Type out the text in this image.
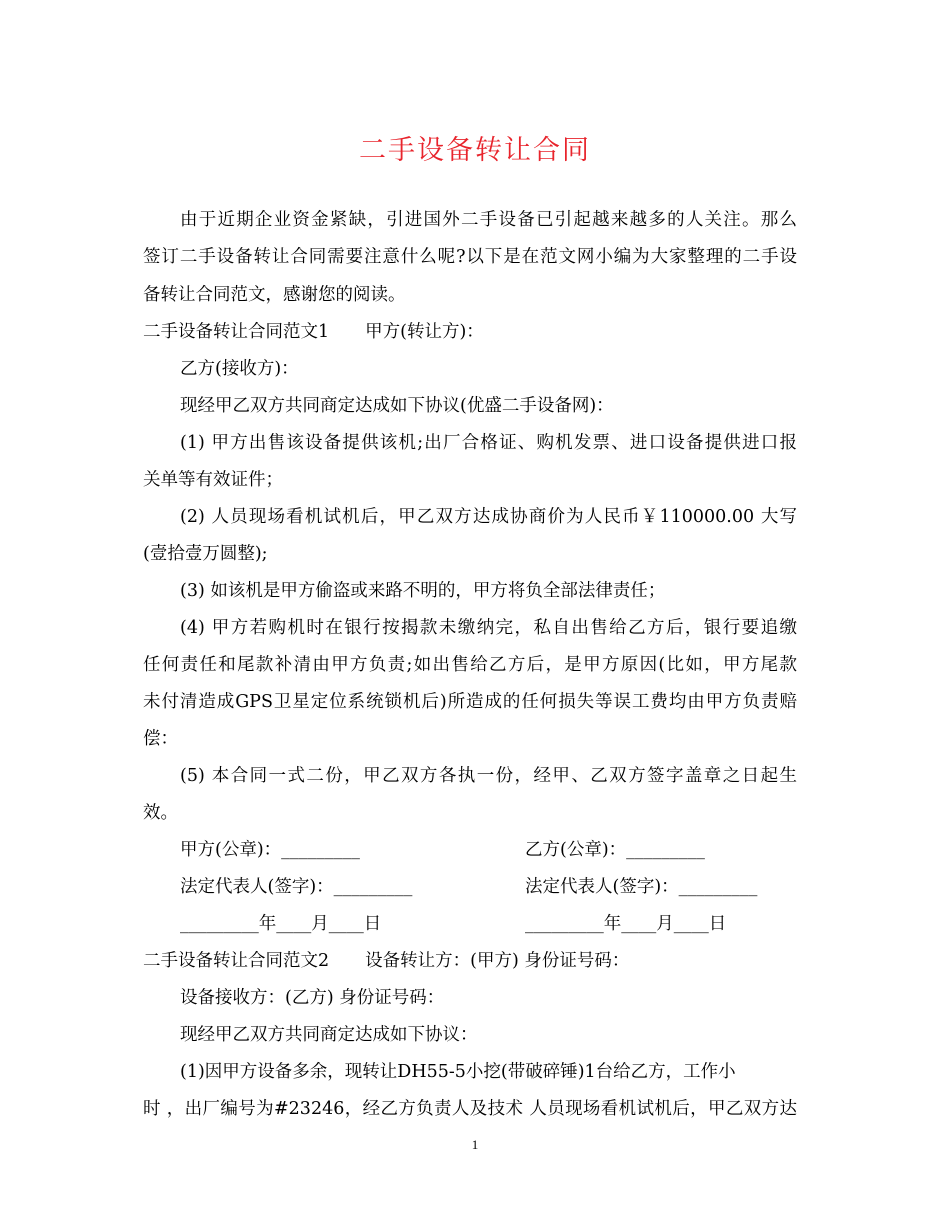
二手设备转让合同
由于近期企业资金紧缺，引进国外二手设备已引起越来越多的人关注。那么
签订二手设备转让合同需要注意什么呢?以下是在范文网小编为大家整理的二手设
备转让合同范文，感谢您的阅读。
二手设备转让合同范文1 甲方(转让方)：
乙方(接收方)：
现经甲乙双方共同商定达成如下协议(优盛二手设备网)：
(1) 甲方出售该设备提供该机;出厂合格证、购机发票、进口设备提供进口报
关单等有效证件；
(2) 人员现场看机试机后，甲乙双方达成协商价为人民币￥110000.00 大写
(壹拾壹万圆整);
(3) 如该机是甲方偷盗或来路不明的，甲方将负全部法律责任；
(4) 甲方若购机时在银行按揭款未缴纳完，私自出售给乙方后，银行要追缴
任何责任和尾款补清由甲方负责;如出售给乙方后，是甲方原因(比如，甲方尾款
未付清造成GPS卫星定位系统锁机后)所造成的任何损失等误工费均由甲方负责赔
偿：
(5) 本合同一式二份，甲乙双方各执一份，经甲、乙双方签字盖章之日起生
效。
甲方(公章)：_________	乙方(公章)：_________
法定代表人(签字)：_________	法定代表人(签字)：_________
_________年____月____日	_________年____月____日
二手设备转让合同范文2 设备转让方：(甲方) 身份证号码：
设备接收方：(乙方) 身份证号码：
现经甲乙双方共同商定达成如下协议：
(1)因甲方设备多余，现转让DH55-5小挖(带破碎锤)1台给乙方，工作小
时 ，出厂编号为#23246，经乙方负责人及技术 人员现场看机试机后，甲乙双方达
1
